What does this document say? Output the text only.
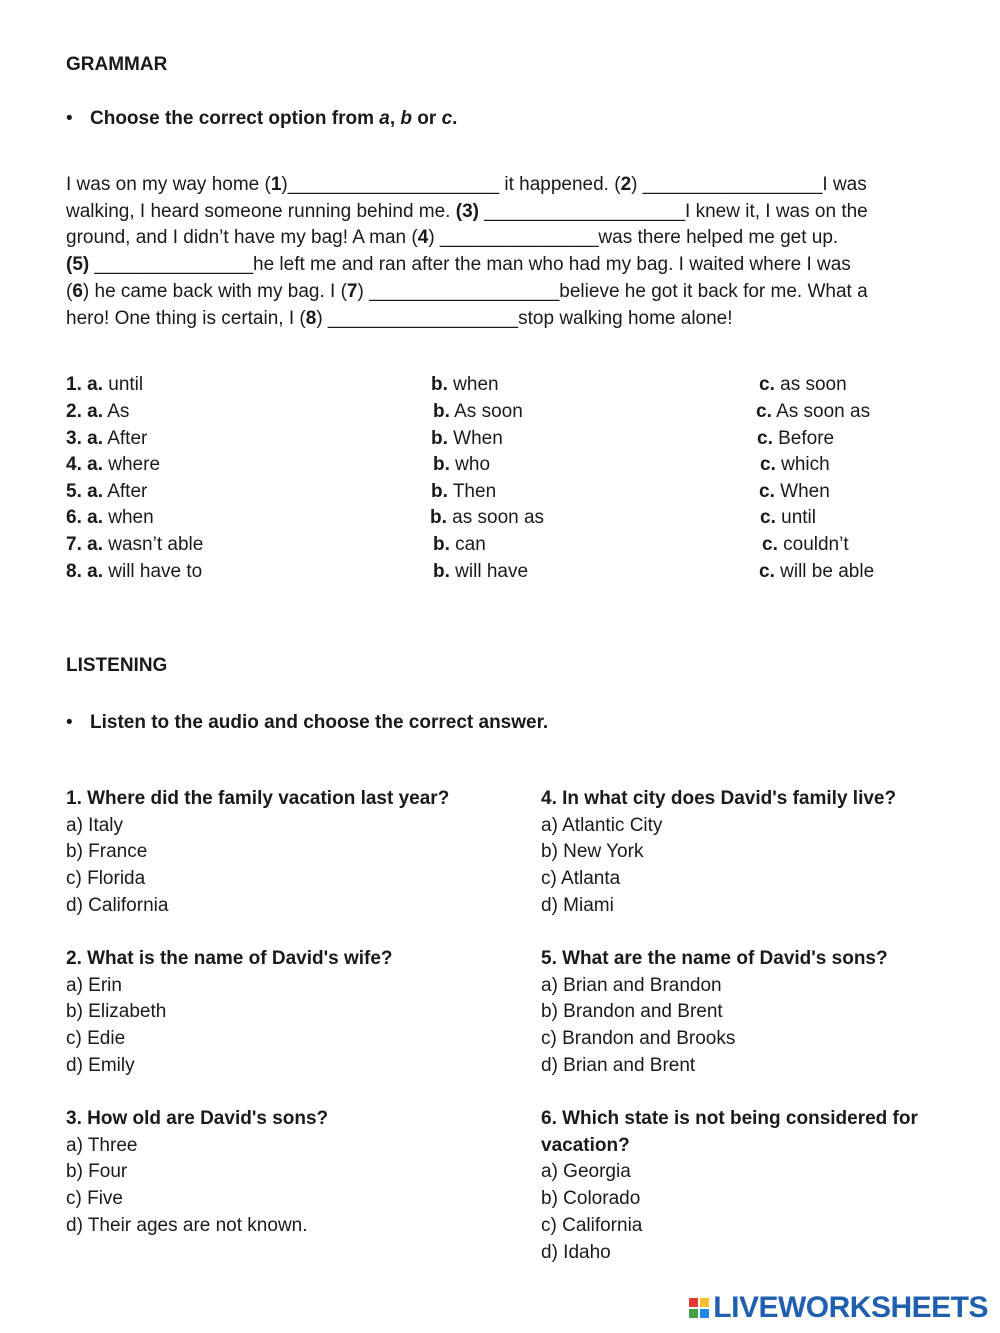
GRAMMAR
• Choose the correct option from a, b or c.
I was on my way home (1)____________________ it happened. (2) _________________I was
walking, I heard someone running behind me. (3) ___________________I knew it, I was on the
ground, and I didn’t have my bag! A man (4) _______________was there helped me get up.
(5) _______________he left me and ran after the man who had my bag. I waited where I was
(6) he came back with my bag. I (7) __________________believe he got it back for me. What a
hero! One thing is certain, I (8) __________________stop walking home alone!
1. a. until	b. when	c. as soon
2. a. As	b. As soon	c. As soon as
3. a. After	b. When	c. Before
4. a. where	b. who	c. which
5. a. After	b. Then	c. When
6. a. when	b. as soon as	c. until
7. a. wasn’t able	b. can	c. couldn’t
8. a. will have to	b. will have	c. will be able
LISTENING
• Listen to the audio and choose the correct answer.
1. Where did the family vacation last year?
a) Italy
b) France
c) Florida
d) California
2. What is the name of David's wife?
a) Erin
b) Elizabeth
c) Edie
d) Emily
3. How old are David's sons?
a) Three
b) Four
c) Five
d) Their ages are not known.
4. In what city does David's family live?
a) Atlantic City
b) New York
c) Atlanta
d) Miami
5. What are the name of David's sons?
a) Brian and Brandon
b) Brandon and Brent
c) Brandon and Brooks
d) Brian and Brent
6. Which state is not being considered for vacation?
a) Georgia
b) Colorado
c) California
d) Idaho
LIVEWORKSHEETS
